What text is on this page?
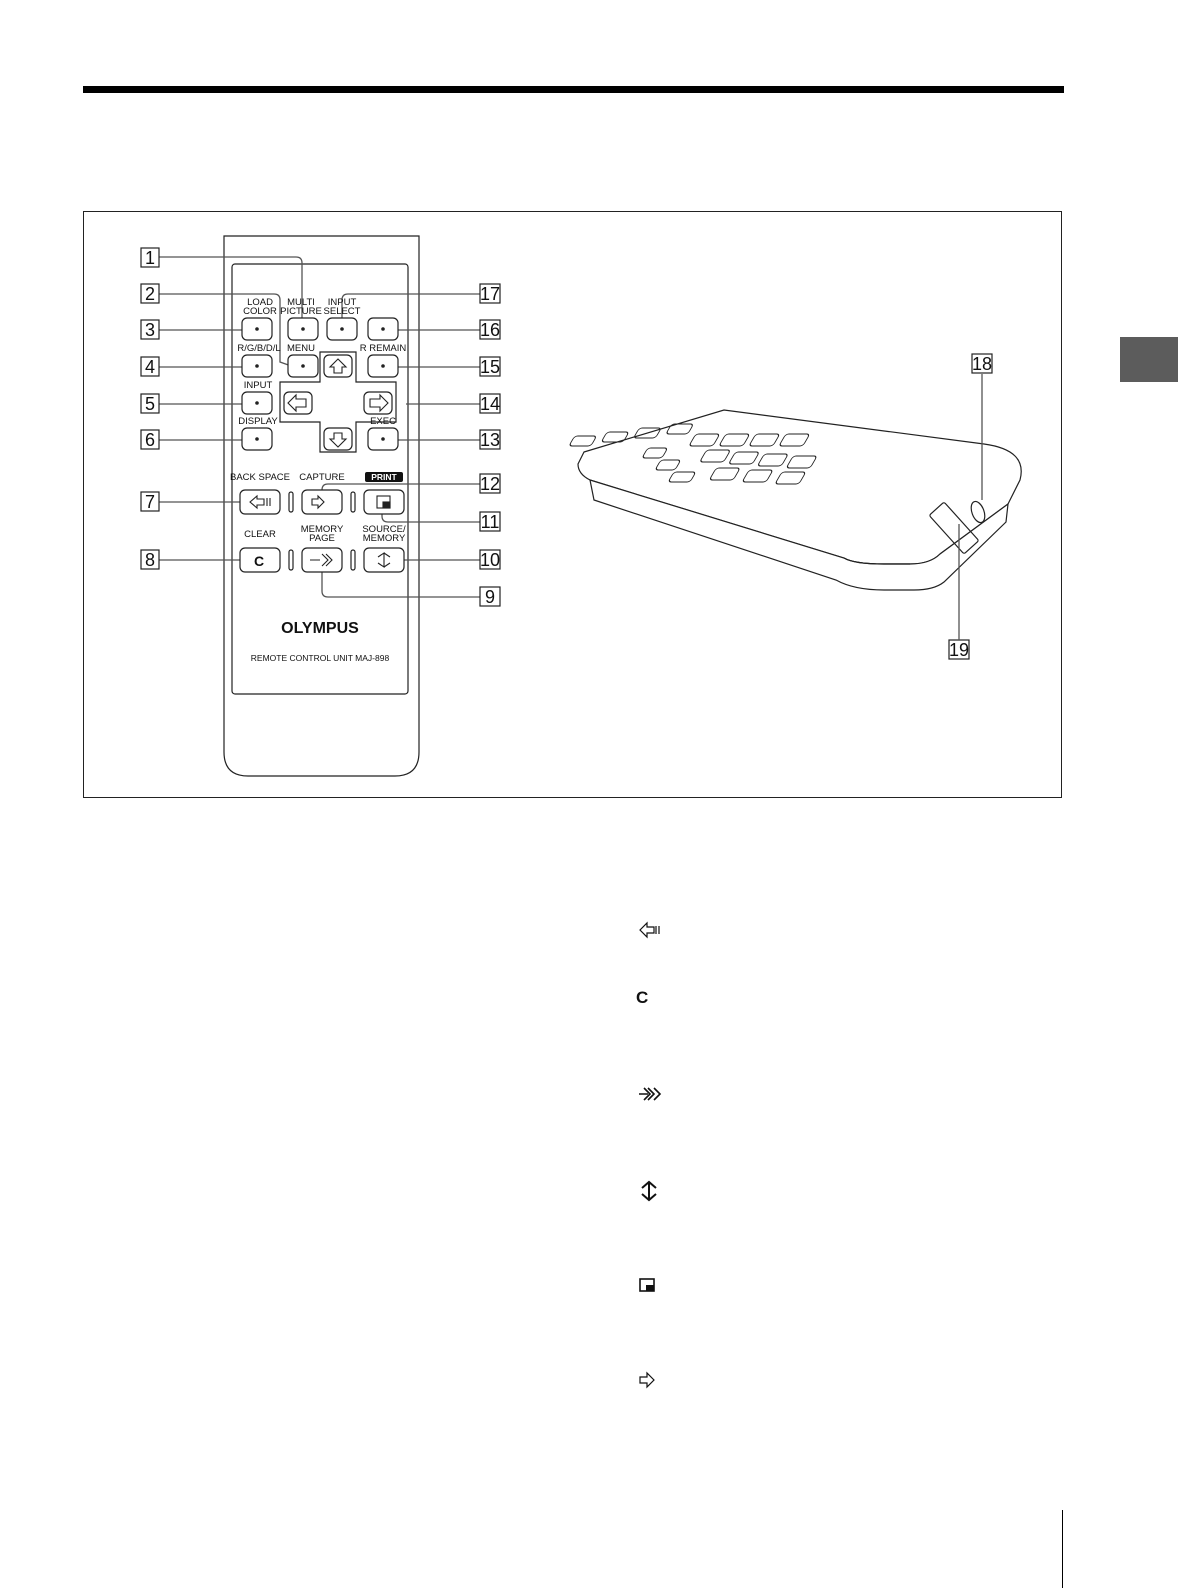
C
LOAD
COLOR
MULTI
PICTURE
INPUT
SELECT
R/G/B/D/L MENU	R REMAIN
INPUT
DISPLAY	EXEC
BACK SPACE CAPTURE	PRINT
CLEAR	MEMORY
PAGE
SOURCE/
MEMORY
OLYMPUS
REMOTE CONTROL UNIT MAJ-898
1
2
3
4
5
6
7
8
9
10
11
12
13
14
15
16
17
18
19
C
